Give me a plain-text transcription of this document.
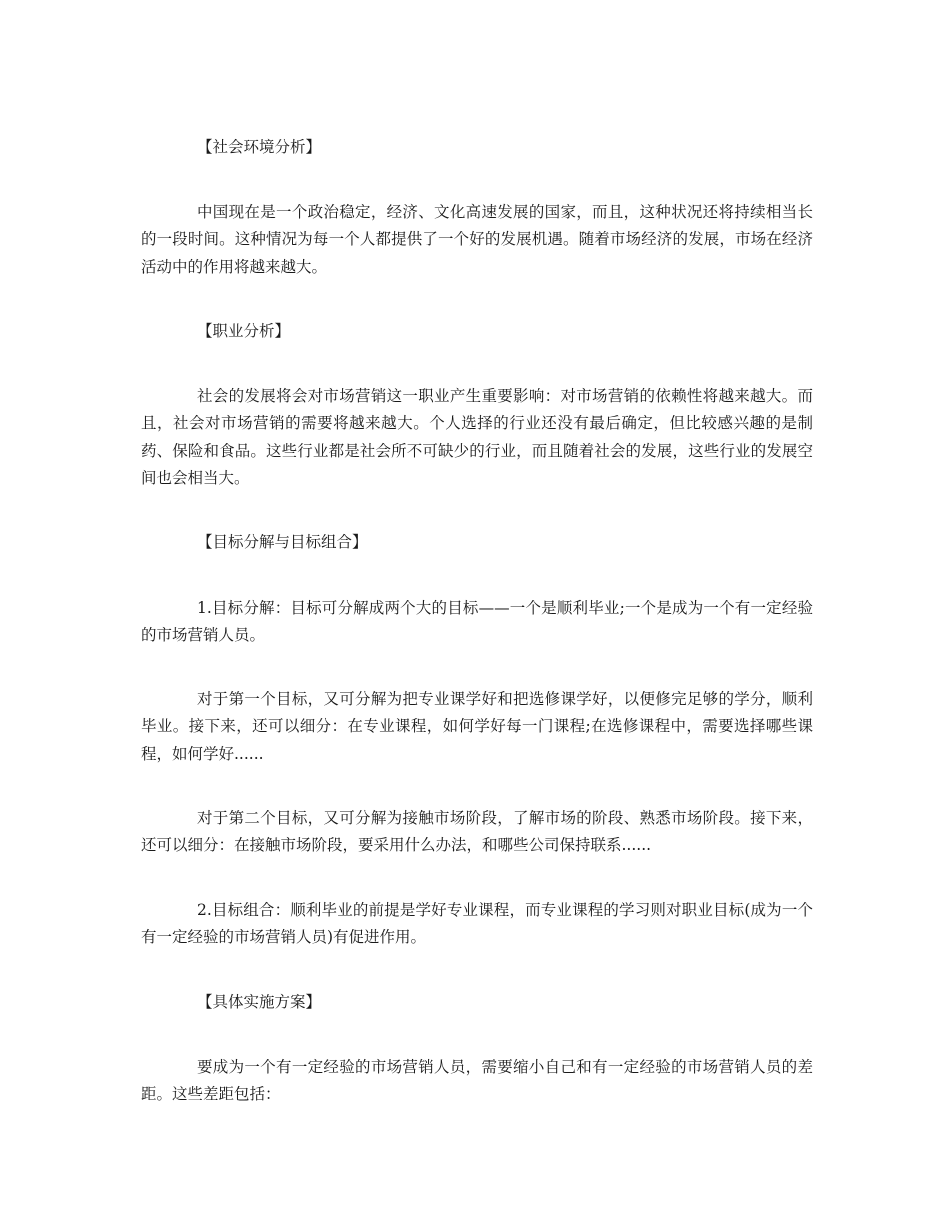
【社会环境分析】

中国现在是一个政治稳定，经济、文化高速发展的国家，而且，这种状况还将持续相当长的一段时间。这种情况为每一个人都提供了一个好的发展机遇。随着市场经济的发展，市场在经济活动中的作用将越来越大。

【职业分析】

社会的发展将会对市场营销这一职业产生重要影响：对市场营销的依赖性将越来越大。而且，社会对市场营销的需要将越来越大。个人选择的行业还没有最后确定，但比较感兴趣的是制药、保险和食品。这些行业都是社会所不可缺少的行业，而且随着社会的发展，这些行业的发展空间也会相当大。

【目标分解与目标组合】

1.目标分解：目标可分解成两个大的目标——一个是顺利毕业;一个是成为一个有一定经验的市场营销人员。

对于第一个目标，又可分解为把专业课学好和把选修课学好，以便修完足够的学分，顺利毕业。接下来，还可以细分：在专业课程，如何学好每一门课程;在选修课程中，需要选择哪些课程，如何学好......

对于第二个目标，又可分解为接触市场阶段，了解市场的阶段、熟悉市场阶段。接下来，还可以细分：在接触市场阶段，要采用什么办法，和哪些公司保持联系......

2.目标组合：顺利毕业的前提是学好专业课程，而专业课程的学习则对职业目标(成为一个有一定经验的市场营销人员)有促进作用。

【具体实施方案】

要成为一个有一定经验的市场营销人员，需要缩小自己和有一定经验的市场营销人员的差距。这些差距包括：
